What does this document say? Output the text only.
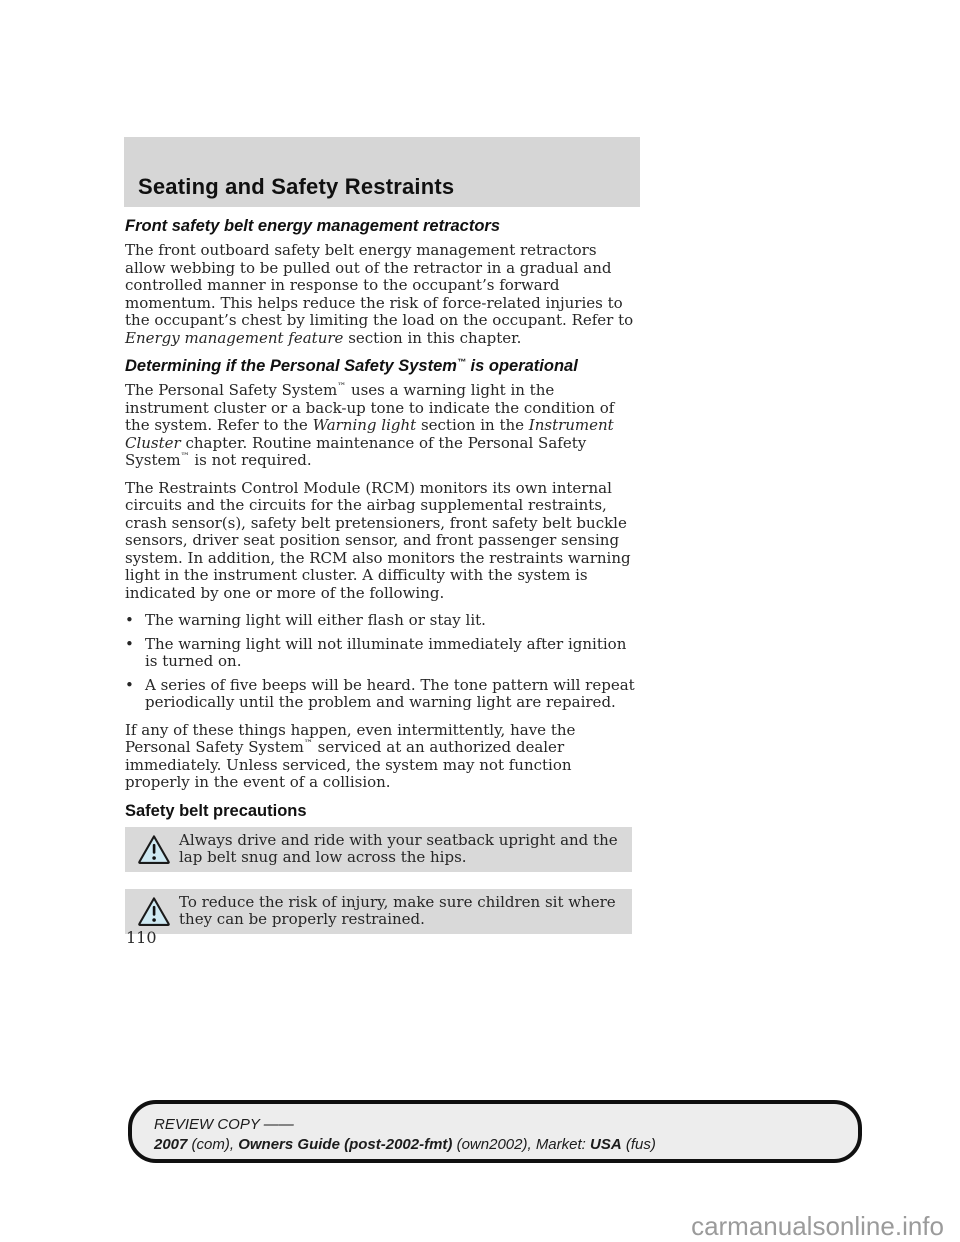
Seating and Safety Restraints
Front safety belt energy management retractors

The front outboard safety belt energy management retractors allow webbing to be pulled out of the retractor in a gradual and controlled manner in response to the occupant’s forward momentum. This helps reduce the risk of force-related injuries to the occupant’s chest by limiting the load on the occupant. Refer to Energy management feature section in this chapter.

Determining if the Personal Safety System™ is operational

The Personal Safety System™ uses a warning light in the instrument cluster or a back-up tone to indicate the condition of the system. Refer to the Warning light section in the Instrument Cluster chapter. Routine maintenance of the Personal Safety System™ is not required.

The Restraints Control Module (RCM) monitors its own internal circuits and the circuits for the airbag supplemental restraints, crash sensor(s), safety belt pretensioners, front safety belt buckle sensors, driver seat position sensor, and front passenger sensing system. In addition, the RCM also monitors the restraints warning light in the instrument cluster. A difficulty with the system is indicated by one or more of the following.

• The warning light will either flash or stay lit.
• The warning light will not illuminate immediately after ignition is turned on.
• A series of five beeps will be heard. The tone pattern will repeat periodically until the problem and warning light are repaired.

If any of these things happen, even intermittently, have the Personal Safety System™ serviced at an authorized dealer immediately. Unless serviced, the system may not function properly in the event of a collision.

Safety belt precautions

Always drive and ride with your seatback upright and the lap belt snug and low across the hips.

To reduce the risk of injury, make sure children sit where they can be properly restrained.

110
REVIEW COPY ——
2007 (com), Owners Guide (post-2002-fmt) (own2002), Market: USA (fus)
carmanualsonline.info
